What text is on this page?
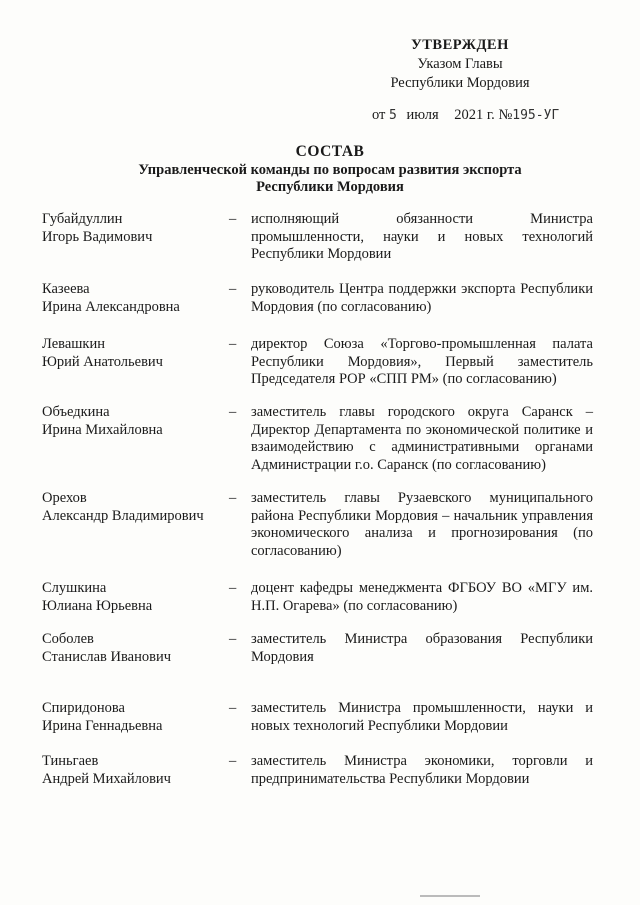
УТВЕРЖДЕН
Указом Главы
Республики Мордовия
от 5 июля 2021 г. №195-УГ
СОСТАВ
Управленческой команды по вопросам развития экспорта
Республики Мордовия
Губайдуллин
Игорь Вадимович
– исполняющий обязанности Министра промышленности, науки и новых технологий Республики Мордовии
Казеева
Ирина Александровна
– руководитель Центра поддержки экспорта Республики Мордовия (по согласованию)
Левашкин
Юрий Анатольевич
– директор Союза «Торгово-промышленная палата Республики Мордовия», Первый заместитель Председателя РОР «СПП РМ» (по согласованию)
Объедкина
Ирина Михайловна
– заместитель главы городского округа Саранск – Директор Департамента по экономической политике и взаимодействию с административными органами Администрации г.о. Саранск (по согласованию)
Орехов
Александр Владимирович
– заместитель главы Рузаевского муниципального района Республики Мордовия – начальник управления экономического анализа и прогнозирования (по согласованию)
Слушкина
Юлиана Юрьевна
– доцент кафедры менеджмента ФГБОУ ВО «МГУ им. Н.П. Огарева» (по согласованию)
Соболев
Станислав Иванович
– заместитель Министра образования Республики Мордовия
Спиридонова
Ирина Геннадьевна
– заместитель Министра промышленности, науки и новых технологий Республики Мордовии
Тиньгаев
Андрей Михайлович
– заместитель Министра экономики, торговли и предпринимательства Республики Мордовии
